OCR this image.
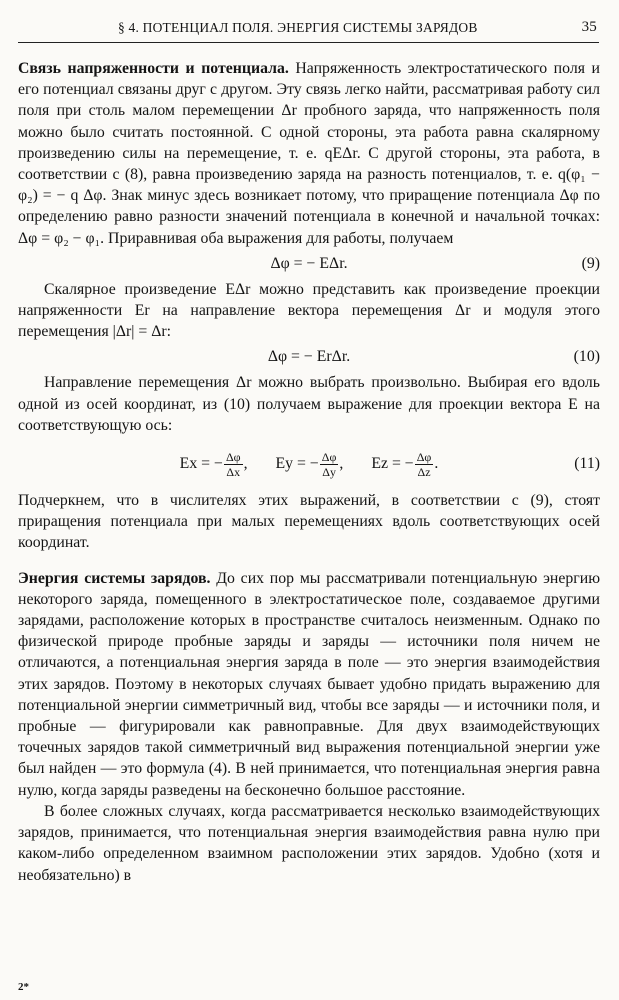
§ 4. ПОТЕНЦИАЛ ПОЛЯ. ЭНЕРГИЯ СИСТЕМЫ ЗАРЯДОВ	35

Связь напряженности и потенциала. Напряженность электростатического поля и его потенциал связаны друг с другом. Эту связь легко найти, рассматривая работу сил поля при столь малом перемещении Δr пробного заряда, что напряженность поля можно было считать постоянной. С одной стороны, эта работа равна скалярному произведению силы на перемещение, т. е. qEΔr. С другой стороны, эта работа, в соответствии с (8), равна произведению заряда на разность потенциалов, т. е. q(φ₁ − φ₂) = − q Δφ. Знак минус здесь возникает потому, что приращение потенциала Δφ по определению равно разности значений потенциала в конечной и начальной точках: Δφ = φ₂ − φ₁. Приравнивая оба выражения для работы, получаем

Δφ = − EΔr.	(9)

Скалярное произведение EΔr можно представить как произведение проекции напряженности Er на направление вектора перемещения Δr и модуля этого перемещения |Δr| = Δr:

Δφ = − ErΔr.	(10)

Направление перемещения Δr можно выбрать произвольно. Выбирая его вдоль одной из осей координат, из (10) получаем выражение для проекции вектора E на соответствующую ось:

Ex = − $\frac{\Delta\varphi}{\Delta x}$ , Ey = − $\frac{\Delta\varphi}{\Delta y}$ , Ez = − $\frac{\Delta\varphi}{\Delta z}$ .	(11)

Подчеркнем, что в числителях этих выражений, в соответствии с (9), стоят приращения потенциала при малых перемещениях вдоль соответствующих осей координат.

Энергия системы зарядов. До сих пор мы рассматривали потенциальную энергию некоторого заряда, помещенного в электростатическое поле, создаваемое другими зарядами, расположение которых в пространстве считалось неизменным. Однако по физической природе пробные заряды и заряды — источники поля ничем не отличаются, а потенциальная энергия заряда в поле — это энергия взаимодействия этих зарядов. Поэтому в некоторых случаях бывает удобно придать выражению для потенциальной энергии симметричный вид, чтобы все заряды — и источники поля, и пробные — фигурировали как равноправные. Для двух взаимодействующих точечных зарядов такой симметричный вид выражения потенциальной энергии уже был найден — это формула (4). В ней принимается, что потенциальная энергия равна нулю, когда заряды разведены на бесконечно большое расстояние.

В более сложных случаях, когда рассматривается несколько взаимодействующих зарядов, принимается, что потенциальная энергия взаимодействия равна нулю при каком-либо определенном взаимном расположении этих зарядов. Удобно (хотя и необязательно) в

2*
